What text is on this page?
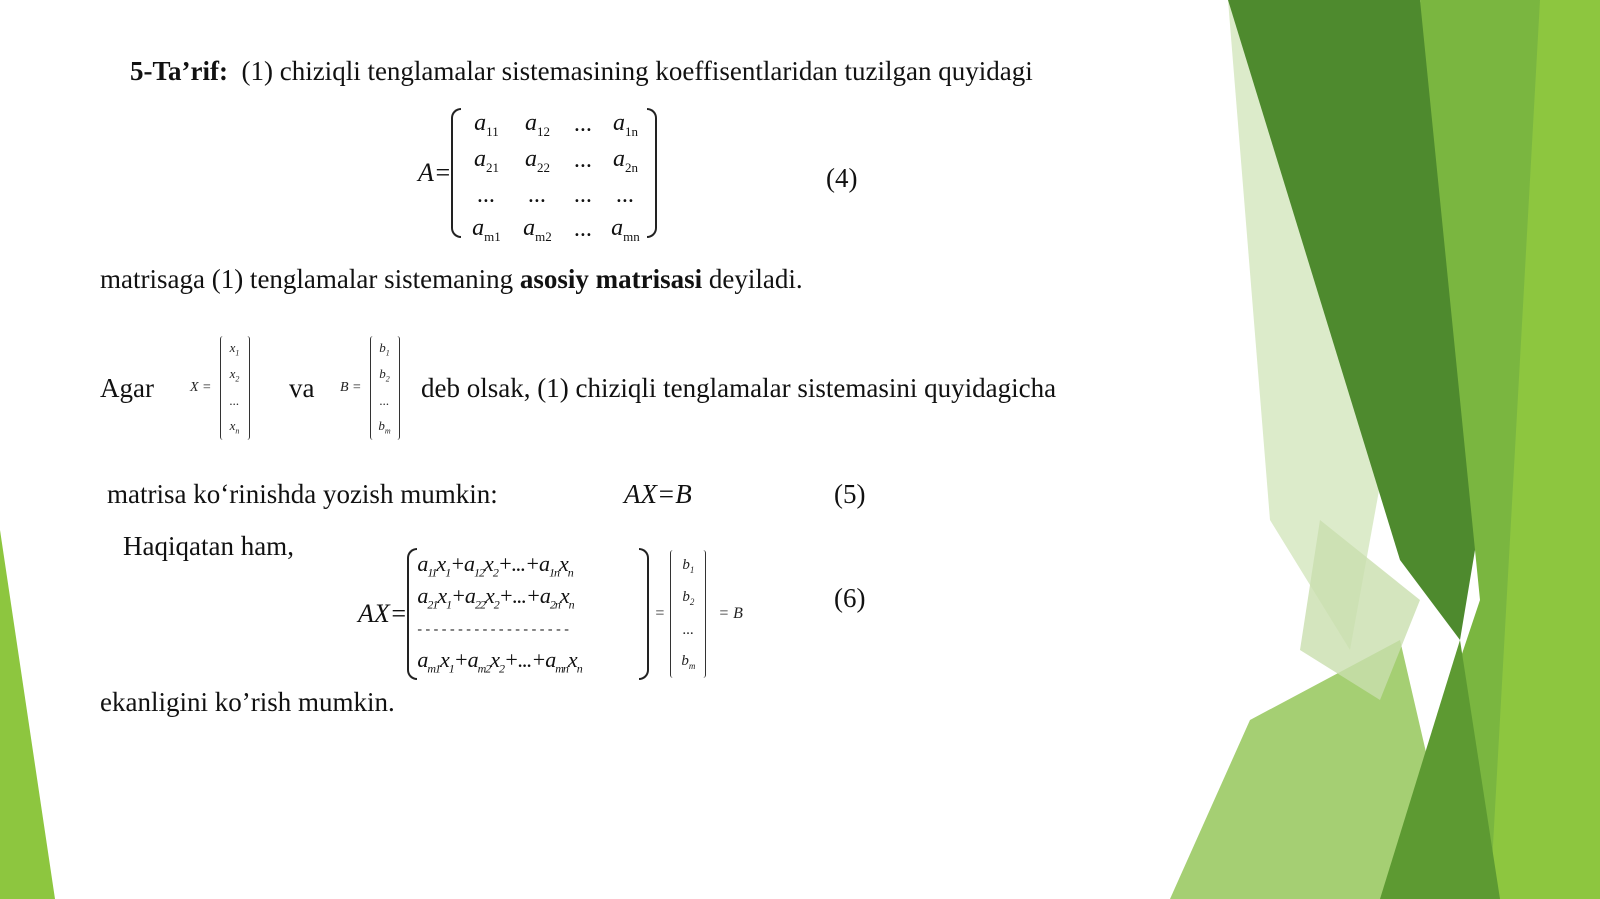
5-Ta’rif: (1) chiziqli tenglamalar sistemasining koeffisentlaridan tuzilgan quyidagi
A=
$a_{11}$ $a_{12}$ ... $a_{1n}$
$a_{21}$ $a_{22}$ ... $a_{2n}$
... ... ... ...
$a_{m1}$ $a_{m2}$ ... $a_{mn}$
(4)
matrisaga (1) tenglamalar sistemaning asosiy matrisasi deyiladi.
Agar	X =
$x_1$
$x_2$
...
$x_n$
va B =
$b_1$
$b_2$
...
$b_m$
deb olsak, (1) chiziqli tenglamalar sistemasini quyidagicha
matrisa koʻrinishda yozish mumkin:	AX=B	(5)
Haqiqatan ham,
AX=
$a_{11}x_1+a_{12}x_2+...+a_{1n}x_n$
$a_{21}x_1+a_{22}x_2+...+a_{2n}x_n$
- - - - - - - - - - - - - - - - - - -
$a_{m1}x_1+a_{m2}x_2+...+a_{mn}x_n$
=
$b_1$
$b_2$
...
$b_m$
= B
(6)
ekanligini ko’rish mumkin.
